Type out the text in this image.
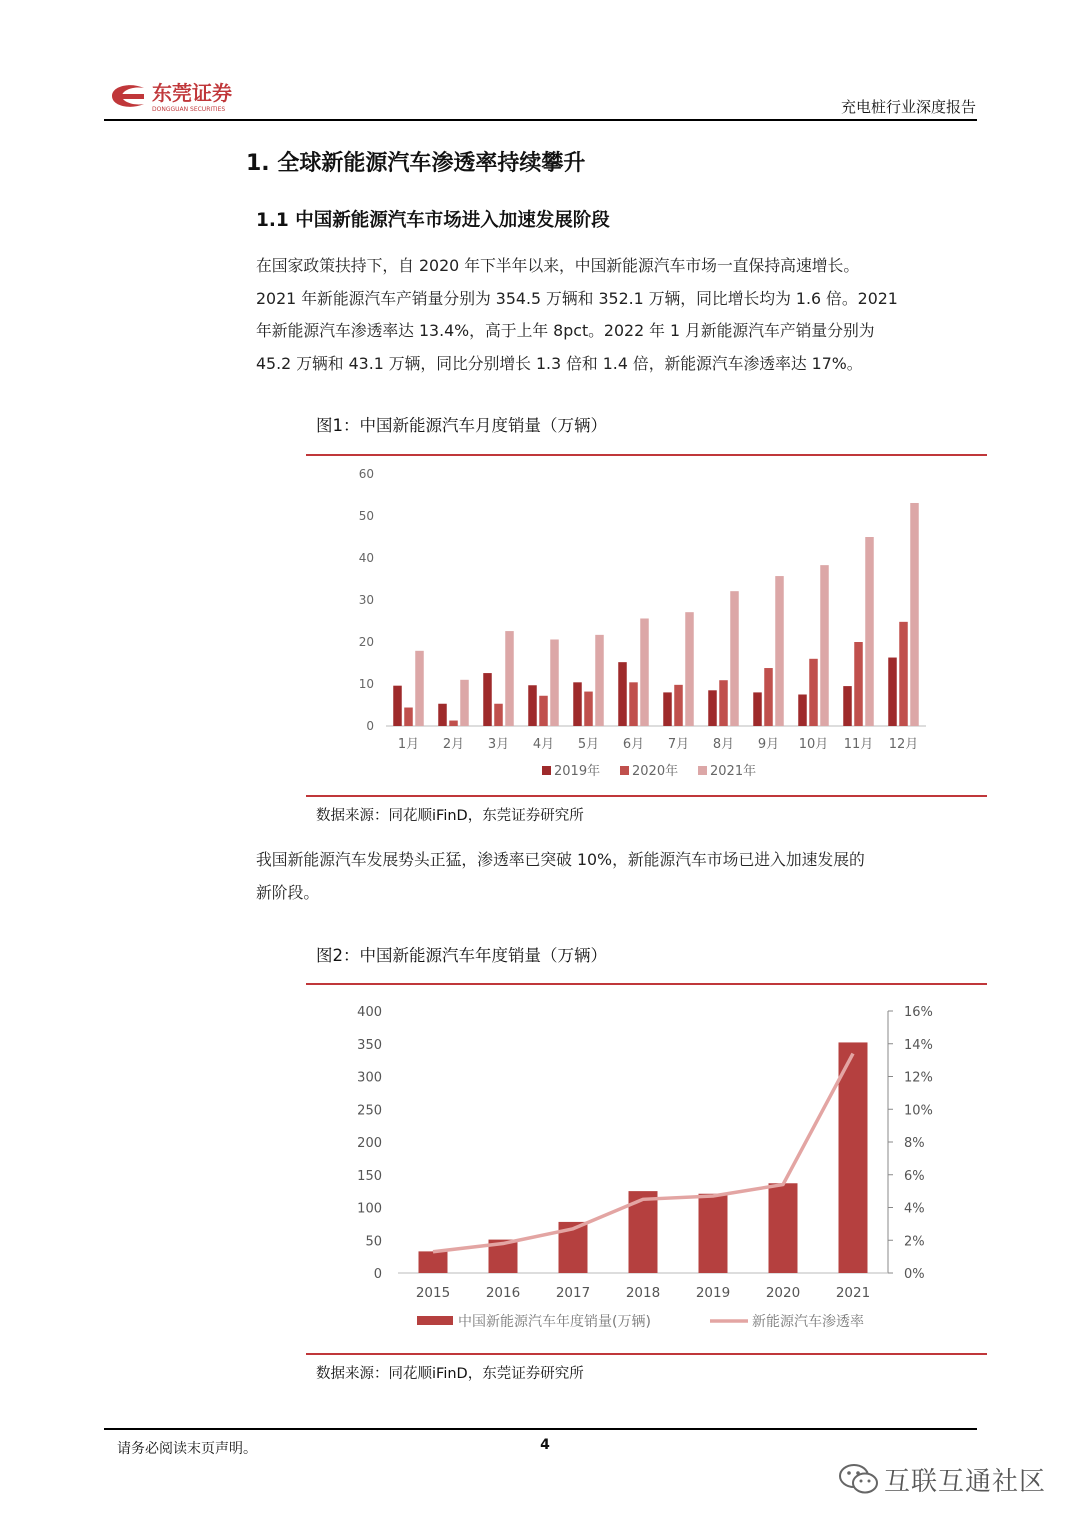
东莞证券
DONGGUAN SECURITIES	充电桩行业深度报告
1. 全球新能源汽车渗透率持续攀升
1.1 中国新能源汽车市场进入加速发展阶段
在国家政策扶持下，自 2020 年下半年以来，中国新能源汽车市场一直保持高速增长。
2021 年新能源汽车产销量分别为 354.5 万辆和 352.1 万辆，同比增长均为 1.6 倍。2021
年新能源汽车渗透率达 13.4%，高于上年 8pct。2022 年 1 月新能源汽车产销量分别为
45.2 万辆和 43.1 万辆，同比分别增长 1.3 倍和 1.4 倍，新能源汽车渗透率达 17%。
图1：中国新能源汽车月度销量（万辆）
0
10
20
30
40
50
60
1月 2月 3月 4月 5月 6月 7月 8月 9月 10月 11月 12月
2019年 2020年 2021年
数据来源：同花顺iFinD，东莞证券研究所
我国新能源汽车发展势头正猛，渗透率已突破 10%，新能源汽车市场已进入加速发展的
新阶段。
图2：中国新能源汽车年度销量（万辆）
0
50
100
150
200
250
300
350
400
0%
2%
4%
6%
8%
10%
12%
14%
16%
2015	2016	2017	2018	2019	2020	2021
中国新能源汽车年度销量(万辆)	新能源汽车渗透率
数据来源：同花顺iFinD，东莞证券研究所
请务必阅读末页声明。	4
互联互通社区
